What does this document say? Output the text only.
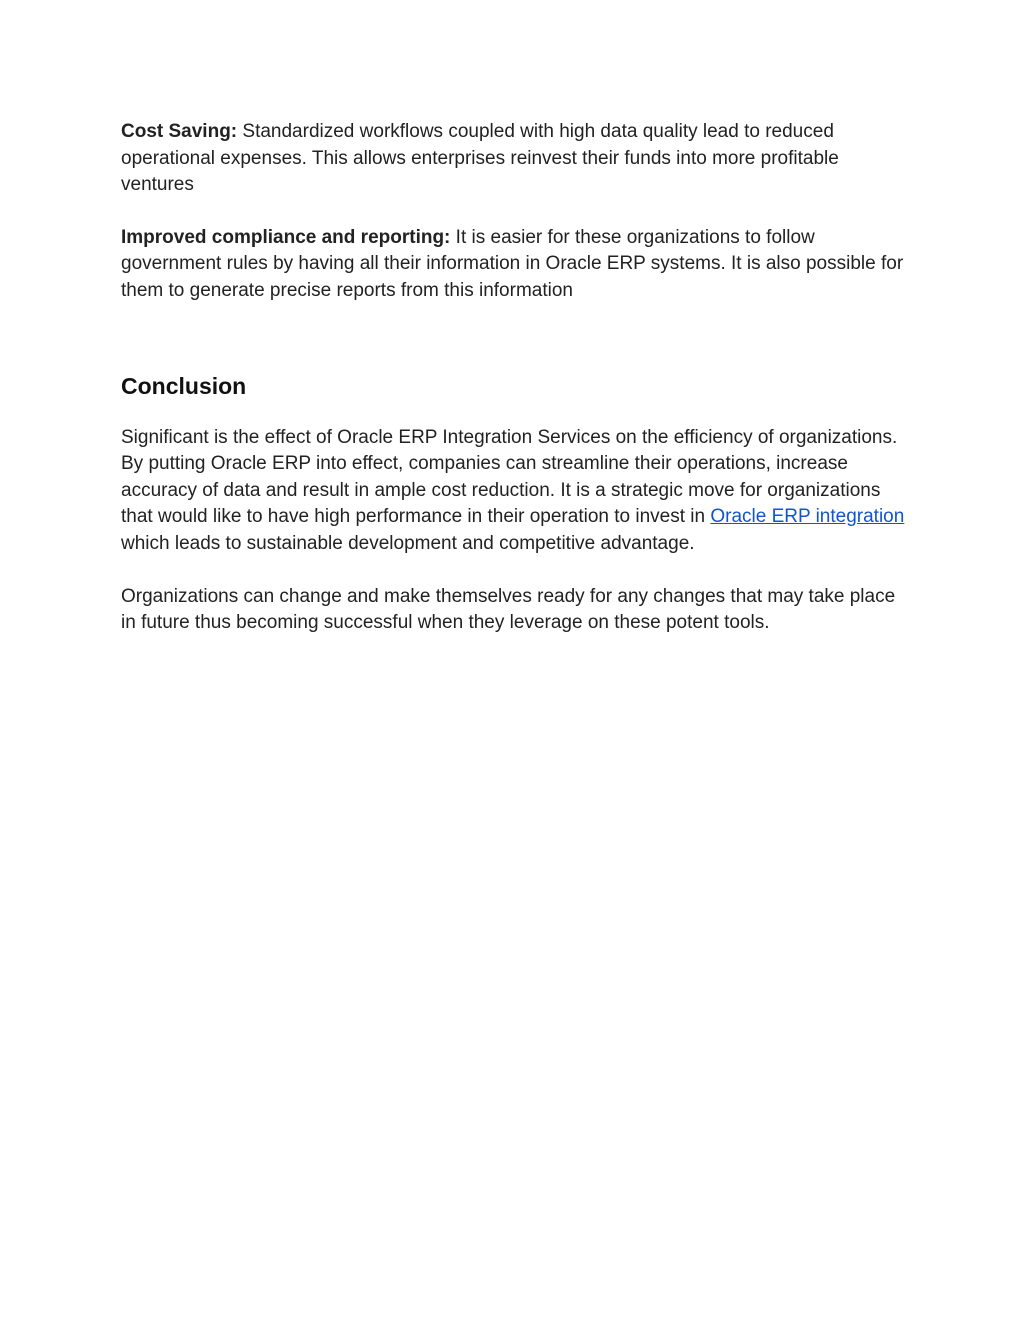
Cost Saving: Standardized workflows coupled with high data quality lead to reduced operational expenses. This allows enterprises reinvest their funds into more profitable ventures

Improved compliance and reporting: It is easier for these organizations to follow government rules by having all their information in Oracle ERP systems. It is also possible for them to generate precise reports from this information

Conclusion

Significant is the effect of Oracle ERP Integration Services on the efficiency of organizations. By putting Oracle ERP into effect, companies can streamline their operations, increase accuracy of data and result in ample cost reduction. It is a strategic move for organizations that would like to have high performance in their operation to invest in Oracle ERP integration which leads to sustainable development and competitive advantage.

Organizations can change and make themselves ready for any changes that may take place in future thus becoming successful when they leverage on these potent tools.
